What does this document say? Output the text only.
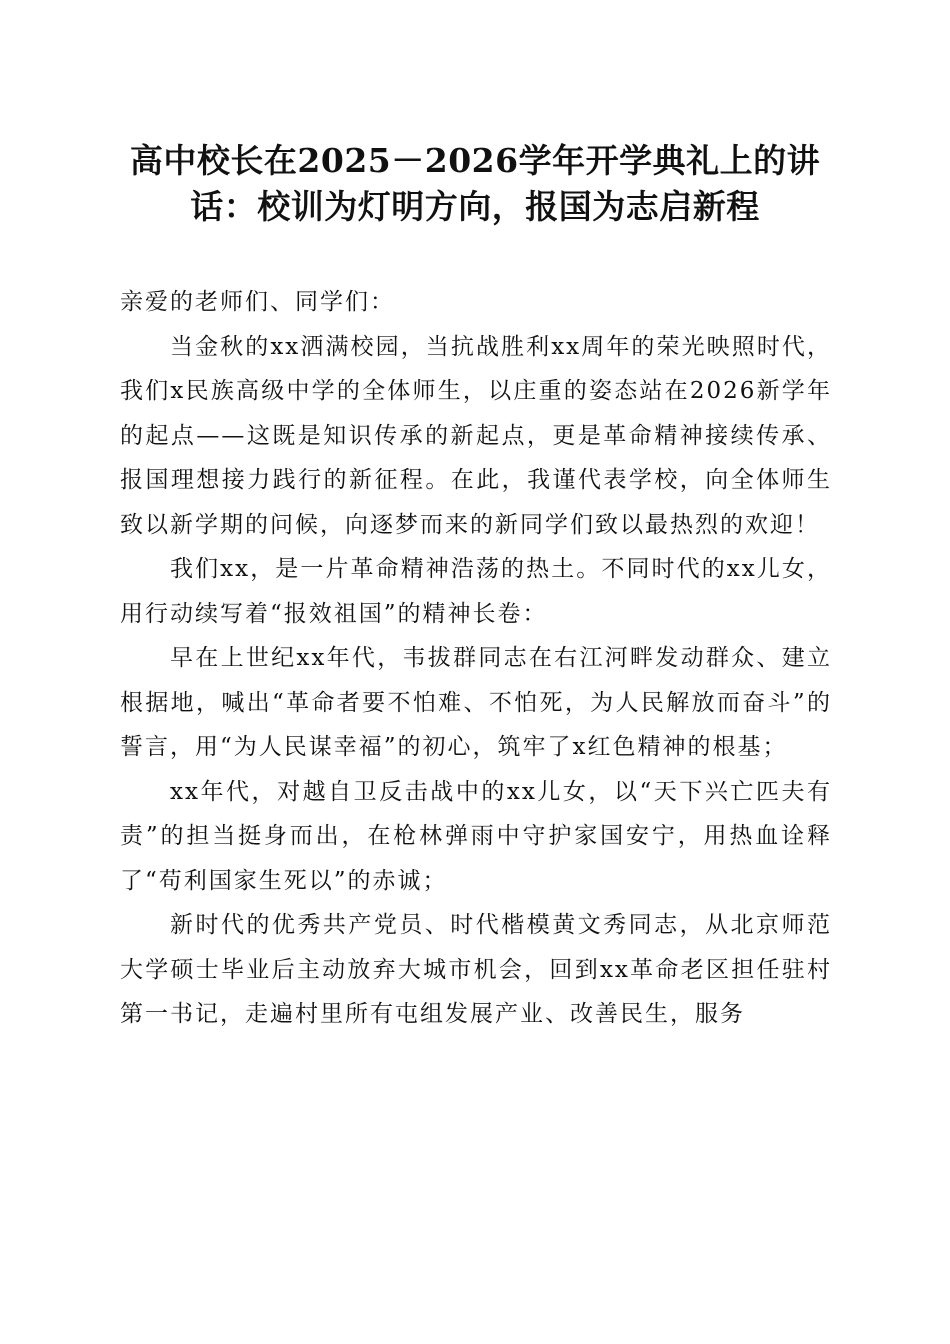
高中校长在2025－2026学年开学典礼上的讲
话：校训为灯明方向，报国为志启新程

亲爱的老师们、同学们：

当金秋的xx洒满校园，当抗战胜利xx周年的荣光映照时代，我们x民族高级中学的全体师生，以庄重的姿态站在2026新学年的起点——这既是知识传承的新起点，更是革命精神接续传承、报国理想接力践行的新征程。在此，我谨代表学校，向全体师生致以新学期的问候，向逐梦而来的新同学们致以最热烈的欢迎！

我们xx，是一片革命精神浩荡的热土。不同时代的xx儿女，用行动续写着“报效祖国”的精神长卷：

早在上世纪xx年代，韦拔群同志在右江河畔发动群众、建立根据地，喊出“革命者要不怕难、不怕死，为人民解放而奋斗”的誓言，用“为人民谋幸福”的初心，筑牢了x红色精神的根基；

xx年代，对越自卫反击战中的xx儿女，以“天下兴亡匹夫有责”的担当挺身而出，在枪林弹雨中守护家国安宁，用热血诠释了“苟利国家生死以”的赤诚；

新时代的优秀共产党员、时代楷模黄文秀同志，从北京师范大学硕士毕业后主动放弃大城市机会，回到xx革命老区担任驻村第一书记，走遍村里所有屯组发展产业、改善民生，服务
